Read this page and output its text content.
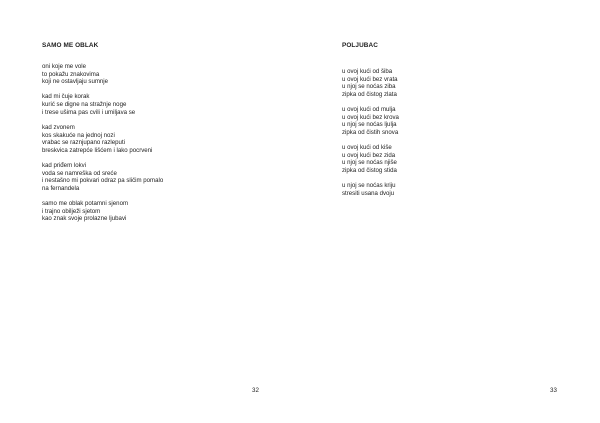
SAMO ME OBLAK
oni koje me vole
to pokažu znakovima
koji ne ostavljaju sumnje
kad mi čuje korak
kurić se digne na stražnje noge
i trese ušima pas cvili i umiljava se
kad zvonem
kos skakuće na jednoj nozi
vrabac se raznjupano razleputi
breskvica zatrepće lišćem i lako pocrveni
kad priđem lokvi
voda se namreška od sreće
i nestašno mi pokvari odraz pa sličim pomalo
na fernandela
samo me oblak potamni sjenom
i trajno obilježi sjetom
kao znak svoje prolazne ljubavi
32
POLJUBAC
u ovoj kući od šiba
u ovoj kući bez vrata
u njoj se noćas ziba
zipka od čistog zlata
u ovoj kući od mulja
u ovoj kući bez krova
u njoj se noćas ljulja
zipka od čistih snova
u ovoj kući od kiše
u ovoj kući bez zida
u njoj se noćas njiše
zipka od čistog stida
u njoj se noćas kriju
stresiti usana dvoju
33
